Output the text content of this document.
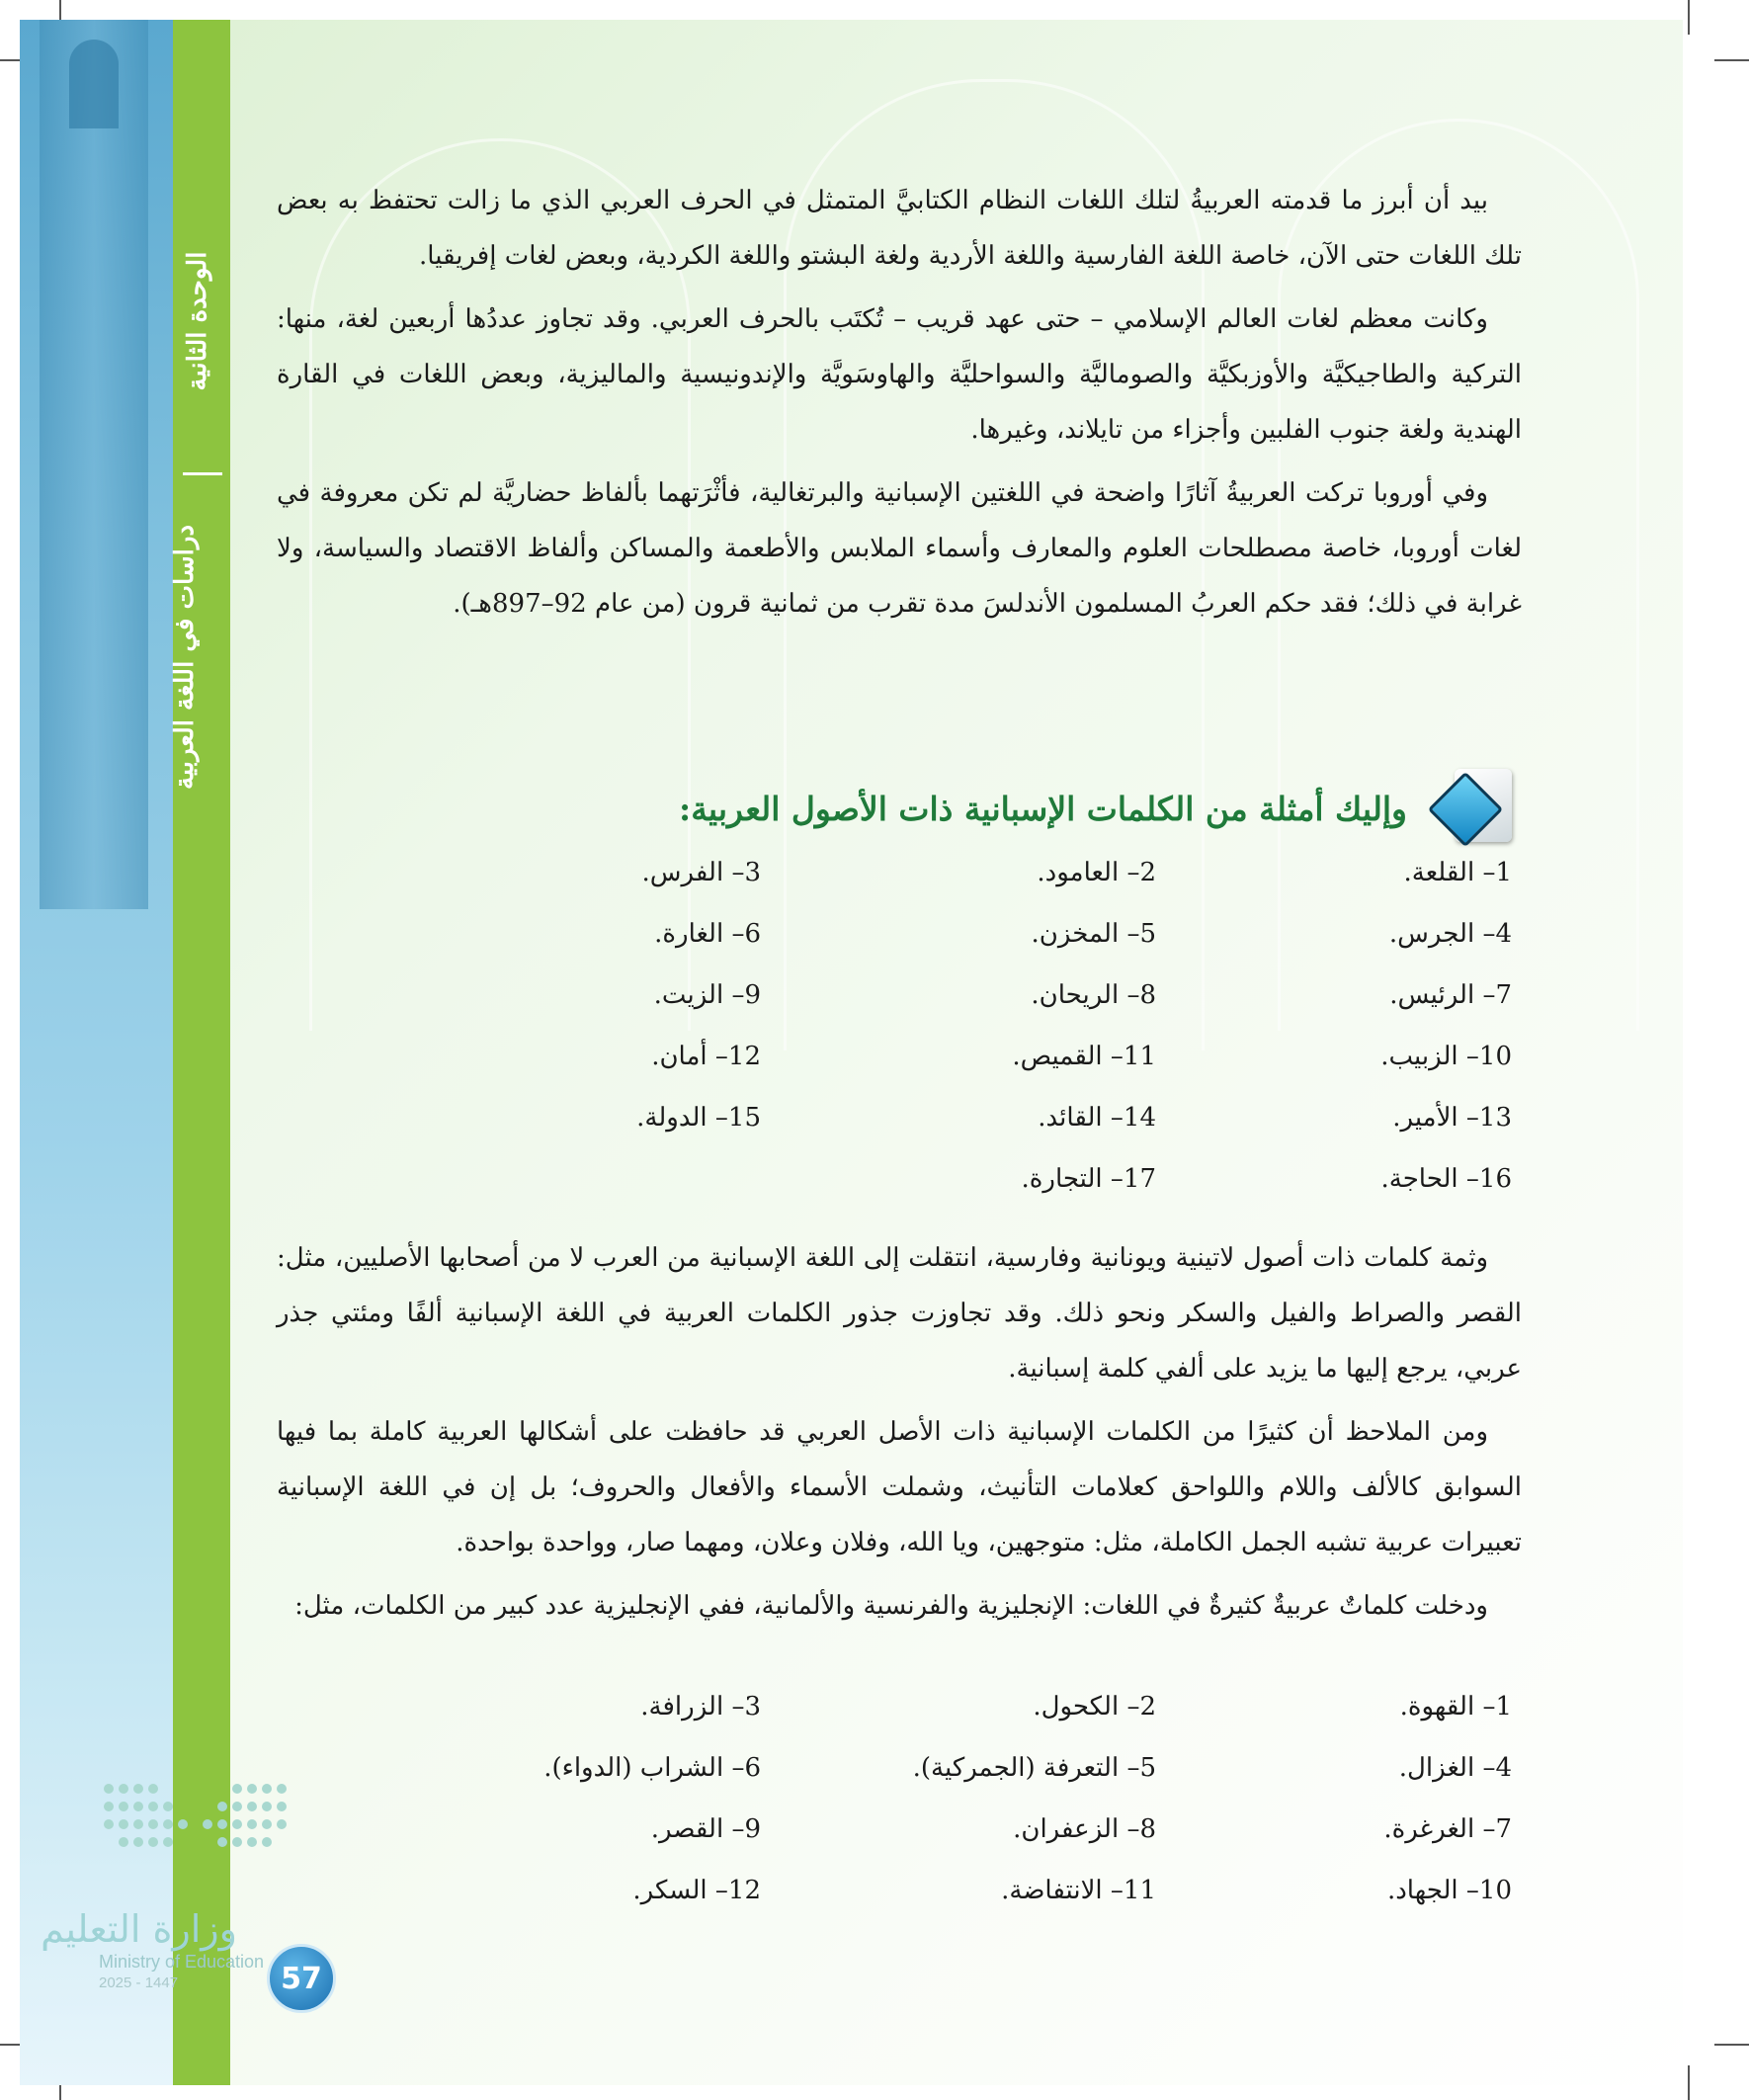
الوحدة الثانية
دراسات في اللغة العربية

بيد أن أبرز ما قدمته العربيةُ لتلك اللغات النظام الكتابيَّ المتمثل في الحرف العربي الذي ما زالت تحتفظ به بعض تلك اللغات حتى الآن، خاصة اللغة الفارسية واللغة الأردية ولغة البشتو واللغة الكردية، وبعض لغات إفريقيا.

وكانت معظم لغات العالم الإسلامي – حتى عهد قريب – تُكتَب بالحرف العربي. وقد تجاوز عددُها أربعين لغة، منها: التركية والطاجيكيَّة والأوزبكيَّة والصوماليَّة والسواحليَّة والهاوسَويَّة والإندونيسية والماليزية، وبعض اللغات في القارة الهندية ولغة جنوب الفلبين وأجزاء من تايلاند، وغيرها.

وفي أوروبا تركت العربيةُ آثارًا واضحة في اللغتين الإسبانية والبرتغالية، فأثْرَتهما بألفاظ حضاريَّة لم تكن معروفة في لغات أوروبا، خاصة مصطلحات العلوم والمعارف وأسماء الملابس والأطعمة والمساكن وألفاظ الاقتصاد والسياسة، ولا غرابة في ذلك؛ فقد حكم العربُ المسلمون الأندلسَ مدة تقرب من ثمانية قرون (من عام 92–897هـ).

وإليك أمثلة من الكلمات الإسبانية ذات الأصول العربية:
1– القلعة.
2– العامود.
3– الفرس.
4– الجرس.
5– المخزن.
6– الغارة.
7– الرئيس.
8– الريحان.
9– الزيت.
10– الزبيب.
11– القميص.
12– أمان.
13– الأمير.
14– القائد.
15– الدولة.
16– الحاجة.
17– التجارة.

وثمة كلمات ذات أصول لاتينية ويونانية وفارسية، انتقلت إلى اللغة الإسبانية من العرب لا من أصحابها الأصليين، مثل: القصر والصراط والفيل والسكر ونحو ذلك. وقد تجاوزت جذور الكلمات العربية في اللغة الإسبانية ألفًا ومئتي جذر عربي، يرجع إليها ما يزيد على ألفي كلمة إسبانية.

ومن الملاحظ أن كثيرًا من الكلمات الإسبانية ذات الأصل العربي قد حافظت على أشكالها العربية كاملة بما فيها السوابق كالألف واللام واللواحق كعلامات التأنيث، وشملت الأسماء والأفعال والحروف؛ بل إن في اللغة الإسبانية تعبيرات عربية تشبه الجمل الكاملة، مثل: متوجهين، ويا الله، وفلان وعلان، ومهما صار، وواحدة بواحدة.

ودخلت كلماتٌ عربيةٌ كثيرةٌ في اللغات: الإنجليزية والفرنسية والألمانية، ففي الإنجليزية عدد كبير من الكلمات، مثل:

1– القهوة.
2– الكحول.
3– الزرافة.
4– الغزال.
5– التعرفة (الجمركية).
6– الشراب (الدواء).
7– الغرغرة.
8– الزعفران.
9– القصر.
10– الجهاد.
11– الانتفاضة.
12– السكر.
وزارة التعليم
Ministry of Education
2025 - 1447	57
